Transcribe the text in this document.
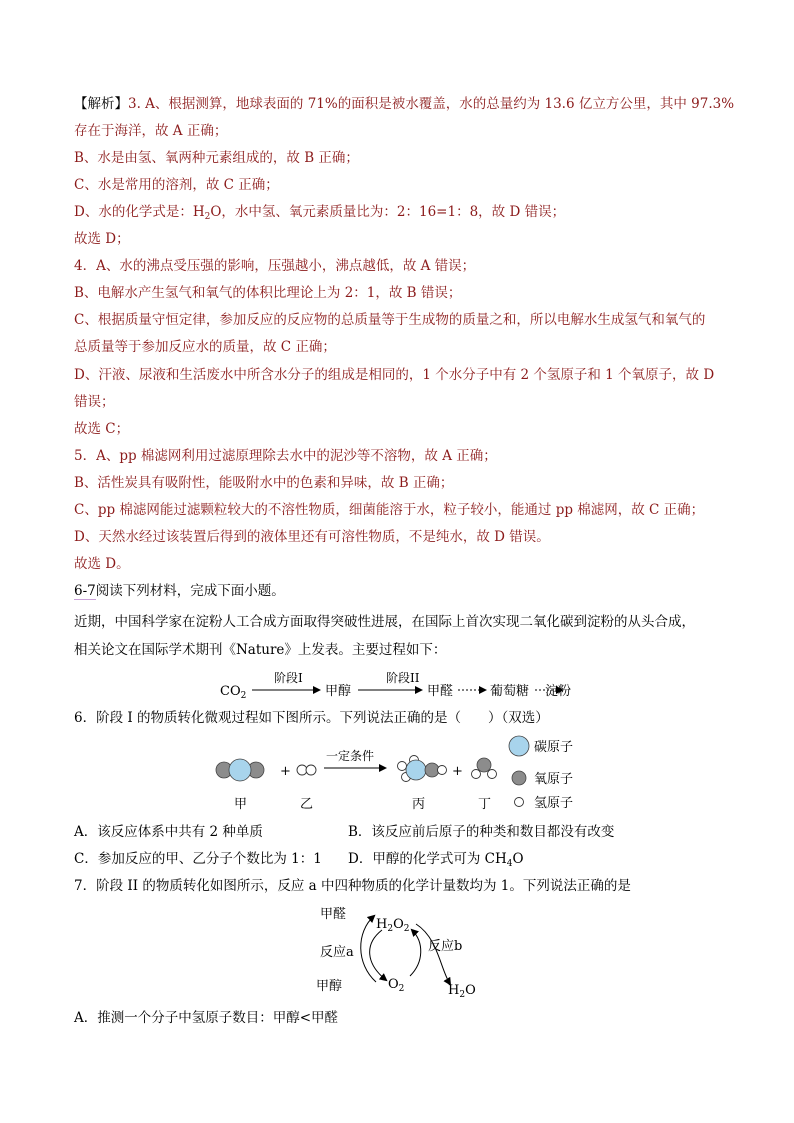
【解析】3. A、根据测算，地球表面的 71%的面积是被水覆盖，水的总量约为 13.6 亿立方公里，其中 97.3%
存在于海洋，故 A 正确；
B、水是由氢、氧两种元素组成的，故 B 正确；
C、水是常用的溶剂，故 C 正确；
D、水的化学式是：$H_2O$，水中氢、氧元素质量比为：2：16=1：8，故 D 错误；
故选 D；
4．A、水的沸点受压强的影响，压强越小，沸点越低，故 A 错误；
B、电解水产生氢气和氧气的体积比理论上为 2：1，故 B 错误；
C、根据质量守恒定律，参加反应的反应物的总质量等于生成物的质量之和，所以电解水生成氢气和氧气的
总质量等于参加反应水的质量，故 C 正确；
D、汗液、尿液和生活废水中所含水分子的组成是相同的，1 个水分子中有 2 个氢原子和 1 个氧原子，故 D
错误；
故选 C；
5．A、pp 棉滤网利用过滤原理除去水中的泥沙等不溶物，故 A 正确；
B、活性炭具有吸附性，能吸附水中的色素和异味，故 B 正确；
C、pp 棉滤网能过滤颗粒较大的不溶性物质，细菌能溶于水，粒子较小，能通过 pp 棉滤网，故 C 正确；
D、天然水经过该装置后得到的液体里还有可溶性物质，不是纯水，故 D 错误。
故选 D。
6-7阅读下列材料，完成下面小题。
近期，中国科学家在淀粉人工合成方面取得突破性进展，在国际上首次实现二氧化碳到淀粉的从头合成，
相关论文在国际学术期刊《Nature》上发表。主要过程如下：
$CO_2$
阶段I
甲醇
阶段II
甲醛	葡萄糖 淀粉
6．阶段 I 的物质转化微观过程如下图所示。下列说法正确的是（　　）（双选）
+
一定条件
+
甲	乙	丙	丁
碳原子
氧原子
氢原子
A．该反应体系中共有 2 种单质	B．该反应前后原子的种类和数目都没有改变
C．参加反应的甲、乙分子个数比为 1：1 D．甲醇的化学式可为 $CH_4O$
7．阶段 II 的物质转化如图所示，反应 a 中四种物质的化学计量数均为 1。下列说法正确的是
甲醛
反应a
甲醇
$H_2O_2$
反应b
$O_2$	$H_2O$
A．推测一个分子中氢原子数目：甲醇<甲醛
